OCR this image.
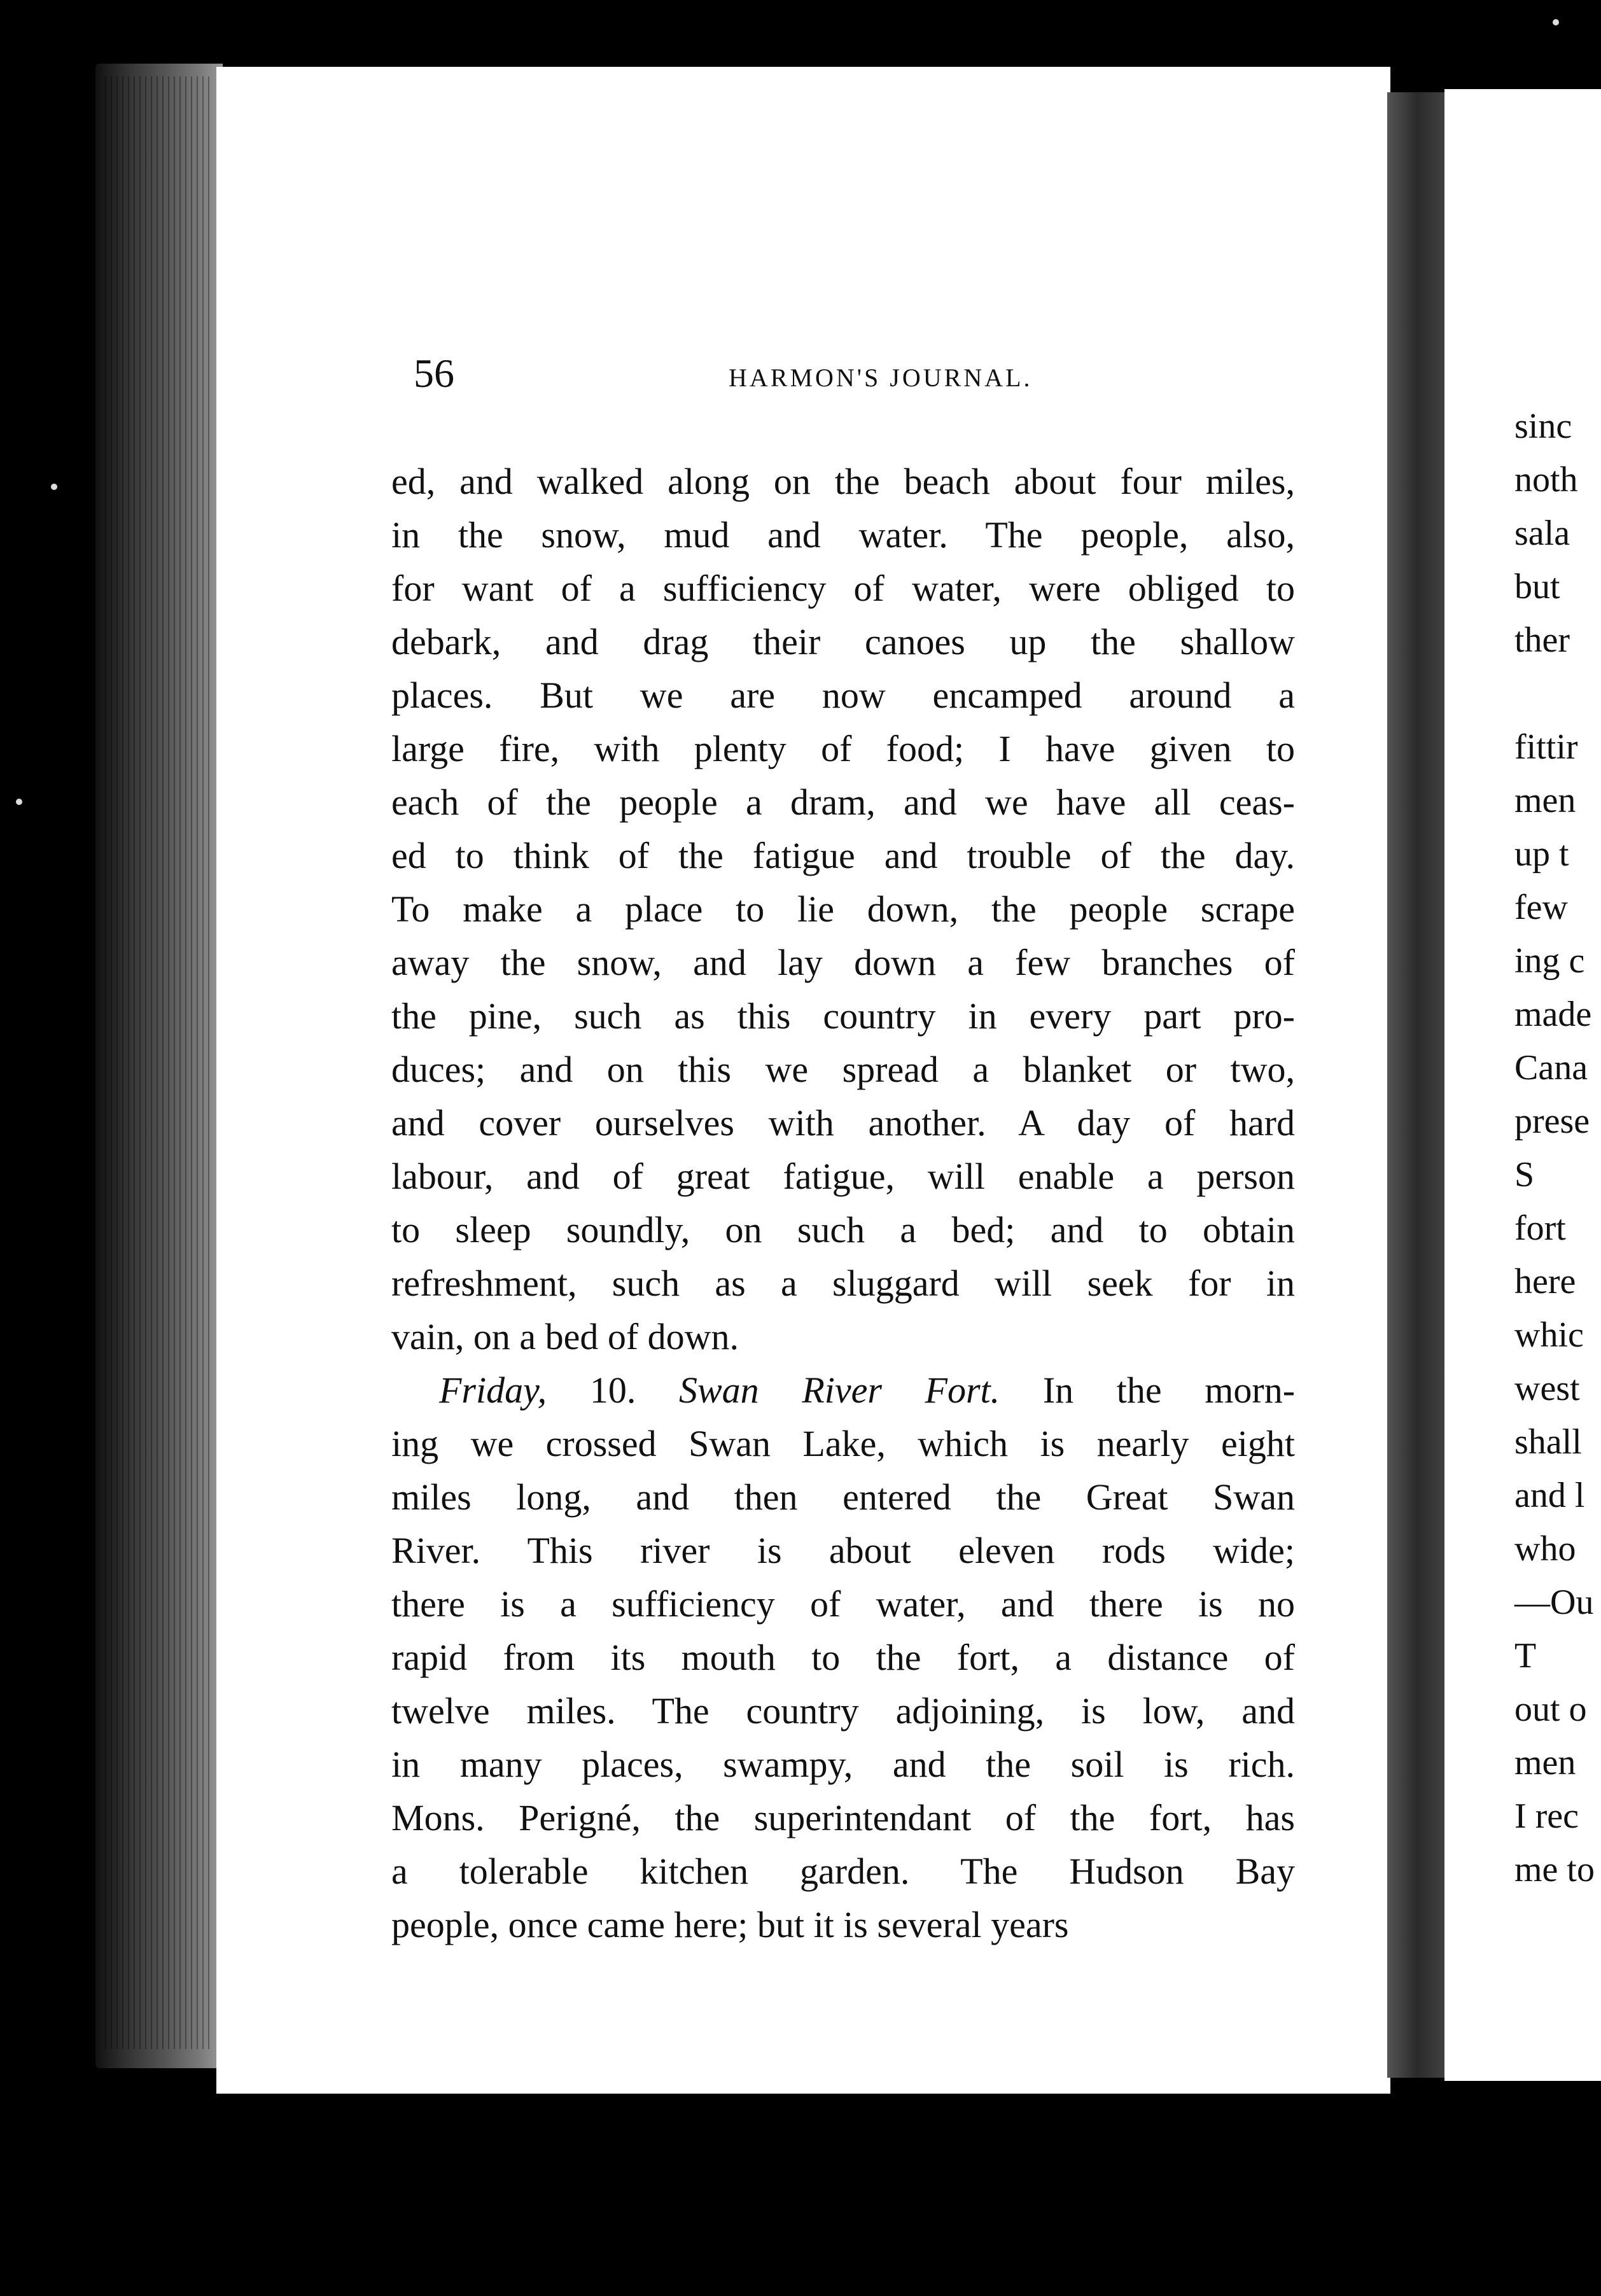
56	HARMON'S JOURNAL.
ed, and walked along on the beach about four miles,
in the snow, mud and water. The people, also,
for want of a sufficiency of water, were obliged to
debark, and drag their canoes up the shallow
places. But we are now encamped around a
large fire, with plenty of food; I have given to
each of the people a dram, and we have all ceas-
ed to think of the fatigue and trouble of the day.
To make a place to lie down, the people scrape
away the snow, and lay down a few branches of
the pine, such as this country in every part pro-
duces; and on this we spread a blanket or two,
and cover ourselves with another. A day of hard
labour, and of great fatigue, will enable a person
to sleep soundly, on such a bed; and to obtain
refreshment, such as a sluggard will seek for in
vain, on a bed of down.
Friday, 10. Swan River Fort. In the morn-
ing we crossed Swan Lake, which is nearly eight
miles long, and then entered the Great Swan
River. This river is about eleven rods wide;
there is a sufficiency of water, and there is no
rapid from its mouth to the fort, a distance of
twelve miles. The country adjoining, is low, and
in many places, swampy, and the soil is rich.
Mons. Perigné, the superintendant of the fort, has
a tolerable kitchen garden. The Hudson Bay
people, once came here; but it is several years
sinc
noth
sala
but
ther
fittir
men
up t
few
ing c
made
Cana
prese
S
fort
here
whic
west
shall
and l
who
—Ou
T
out o
men
I rec
me to
